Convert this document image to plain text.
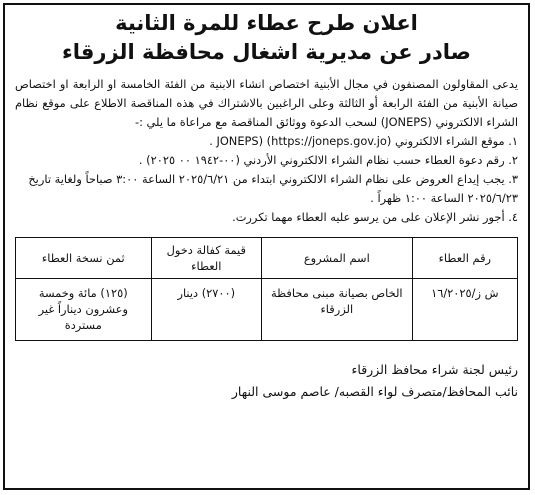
اعلان طرح عطاء للمرة الثانية
صادر عن مديرية اشغال محافظة الزرقاء

يدعى المقاولون المصنفون في مجال الأبنية اختصاص انشاء الابنية من الفئة الخامسة او الرابعة او اختصاص صيانة الأبنية من الفئة الرابعة أو الثالثة وعلى الراغبين بالاشتراك في هذه المناقصة الاطلاع على موقع نظام الشراء الالكتروني (JONEPS) لسحب الدعوة ووثائق المناقصة مع مراعاة ما يلي :-

١. موقع الشراء الالكتروني JONEPS) (https://joneps.gov.jo) .
٢. رقم دعوة العطاء حسب نظام الشراء الالكتروني الأردني (٠٠-١٩٤٢ ٠٠ ٢٠٢٥) .
٣. يجب إيداع العروض على نظام الشراء الالكتروني ابتداء من ٢٠٢٥/٦/٢١ الساعة ٣:٠٠ صباحاً ولغاية تاريخ ٢٠٢٥/٦/٢٣ الساعة ١:٠٠ ظهراً .
٤. أجور نشر الإعلان على من يرسو عليه العطاء مهما تكررت.
رقم العطاء	اسم المشروع	قيمة كفالة دخول العطاء	ثمن نسخة العطاء
ش ز/١٦/٢٠٢٥	الخاص بصيانة مبنى محافظة الزرقاء	(٢٧٠٠) دينار	(١٢٥) مائة وخمسة وعشرون ديناراً غير مستردة
رئيس لجنة شراء محافظ الزرقاء
نائب المحافظ/متصرف لواء القصبه/ عاصم موسى النهار
